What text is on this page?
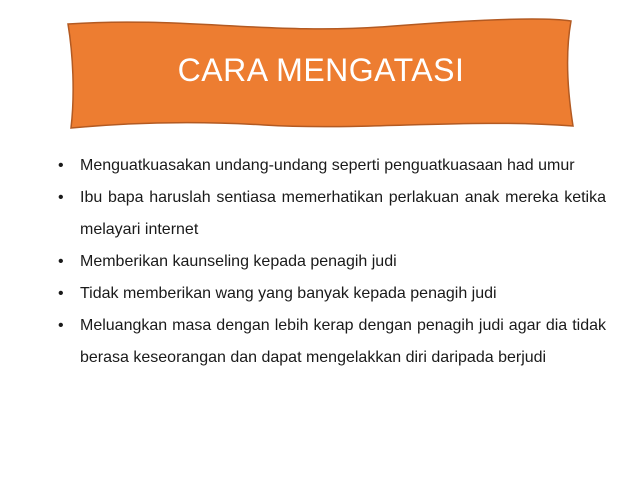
CARA MENGATASI
• Menguatkuasakan undang-undang seperti penguatkuasaan had umur
• Ibu bapa haruslah sentiasa memerhatikan perlakuan anak mereka ketika melayari internet
• Memberikan kaunseling kepada penagih judi
• Tidak memberikan wang yang banyak kepada penagih judi
• Meluangkan masa dengan lebih kerap dengan penagih judi agar dia tidak berasa keseorangan dan dapat mengelakkan diri daripada berjudi
